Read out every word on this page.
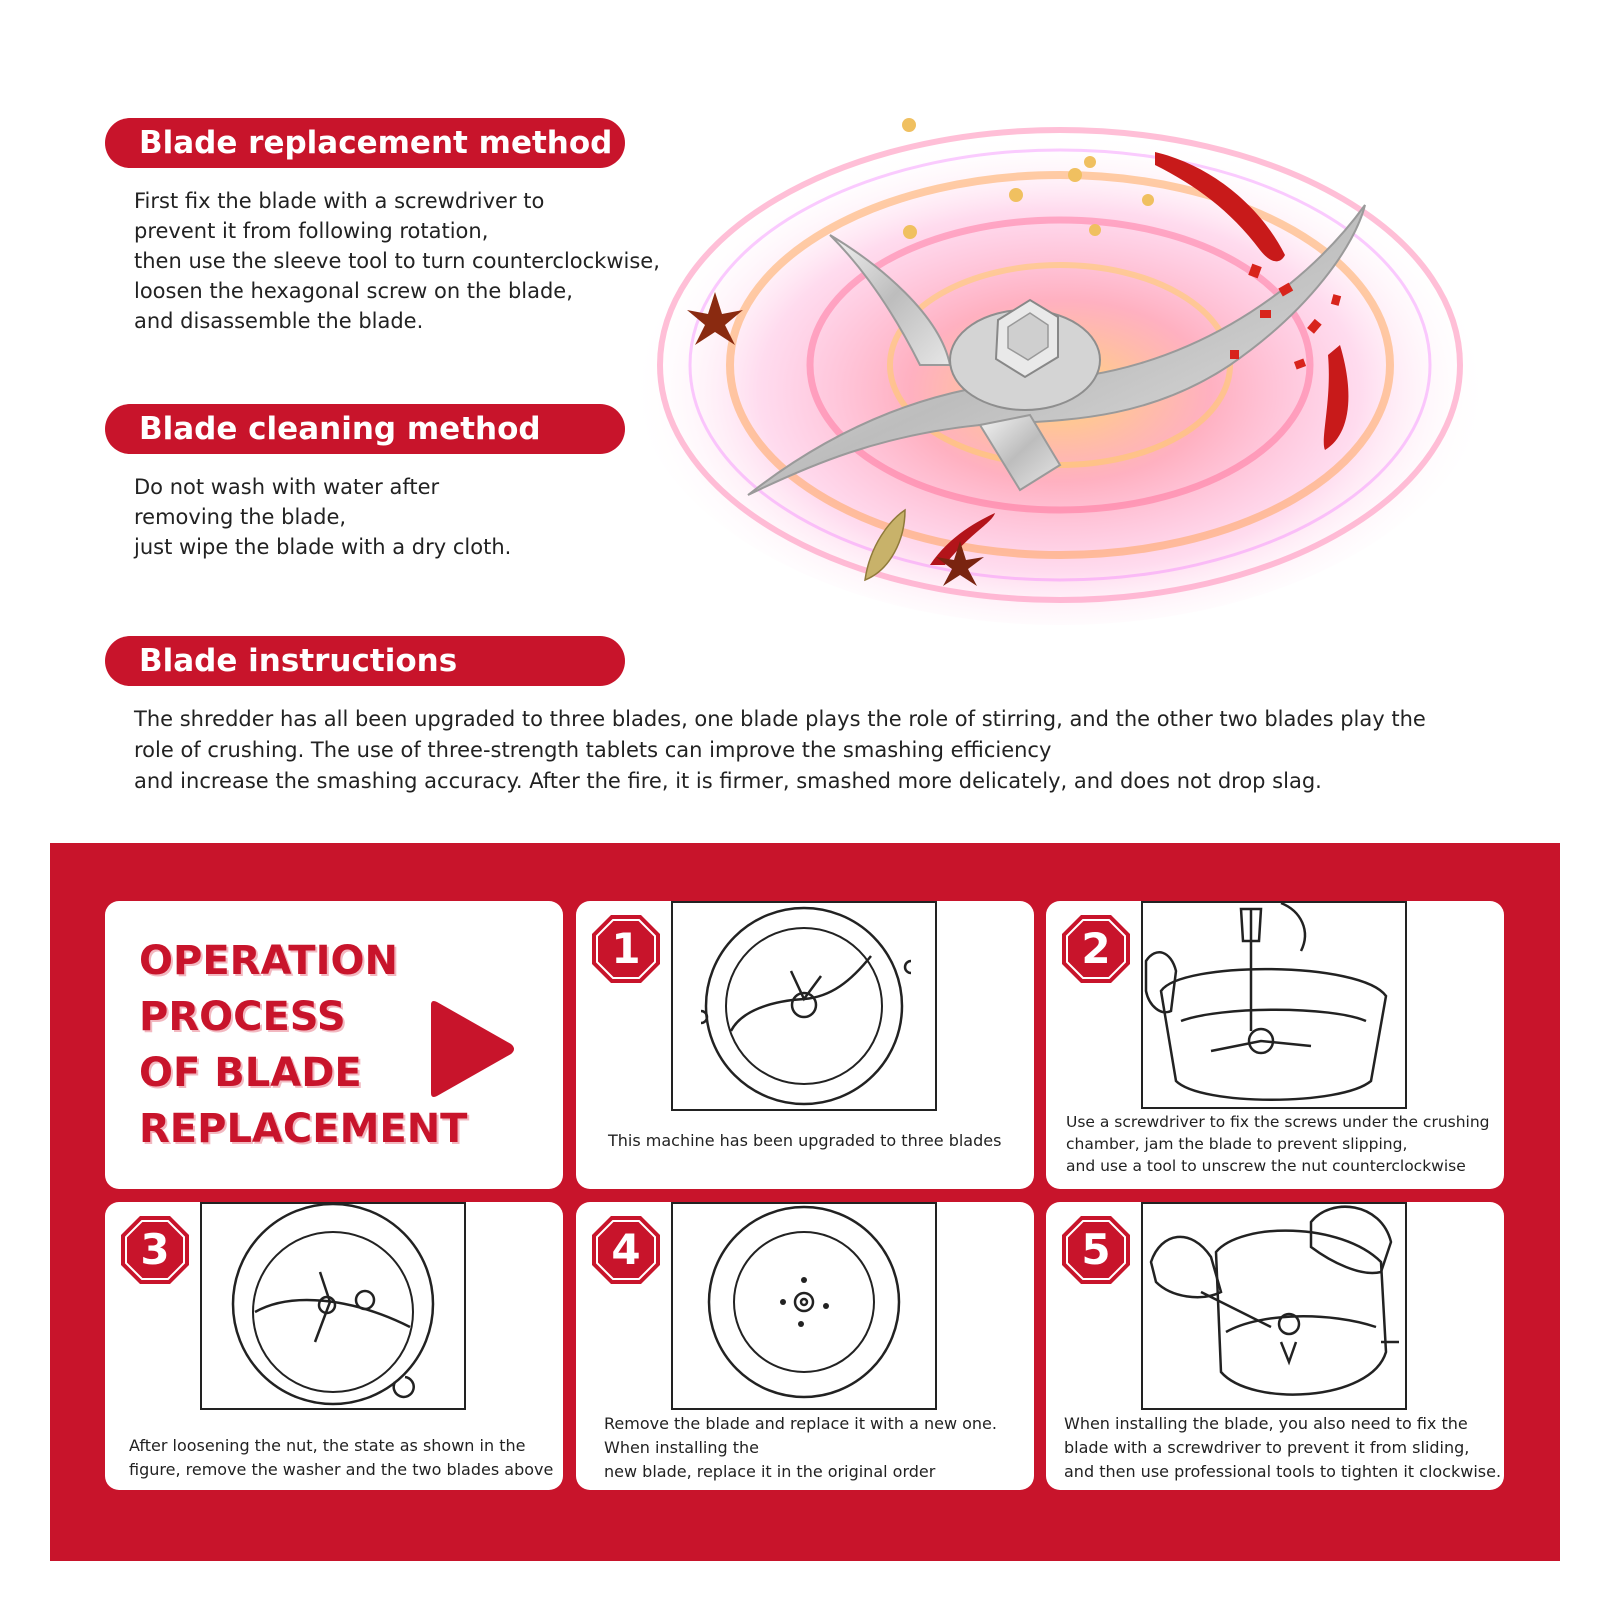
Blade replacement method
First fix the blade with a screwdriver to
prevent it from following rotation,
then use the sleeve tool to turn counterclockwise,
loosen the hexagonal screw on the blade,
and disassemble the blade.
Blade cleaning method
Do not wash with water after
removing the blade,
just wipe the blade with a dry cloth.
Blade instructions
The shredder has all been upgraded to three blades, one blade plays the role of stirring, and the other two blades play the
role of crushing. The use of three-strength tablets can improve the smashing efficiency
and increase the smashing accuracy. After the fire, it is firmer, smashed more delicately, and does not drop slag.
OPERATION
PROCESS
OF BLADE
REPLACEMENT
1
This machine has been upgraded to three blades
2
Use a screwdriver to fix the screws under the crushing
chamber, jam the blade to prevent slipping,
and use a tool to unscrew the nut counterclockwise
3
After loosening the nut, the state as shown in the
figure, remove the washer and the two blades above
4
Remove the blade and replace it with a new one.
When installing the
new blade, replace it in the original order
5
When installing the blade, you also need to fix the
blade with a screwdriver to prevent it from sliding,
and then use professional tools to tighten it clockwise.
